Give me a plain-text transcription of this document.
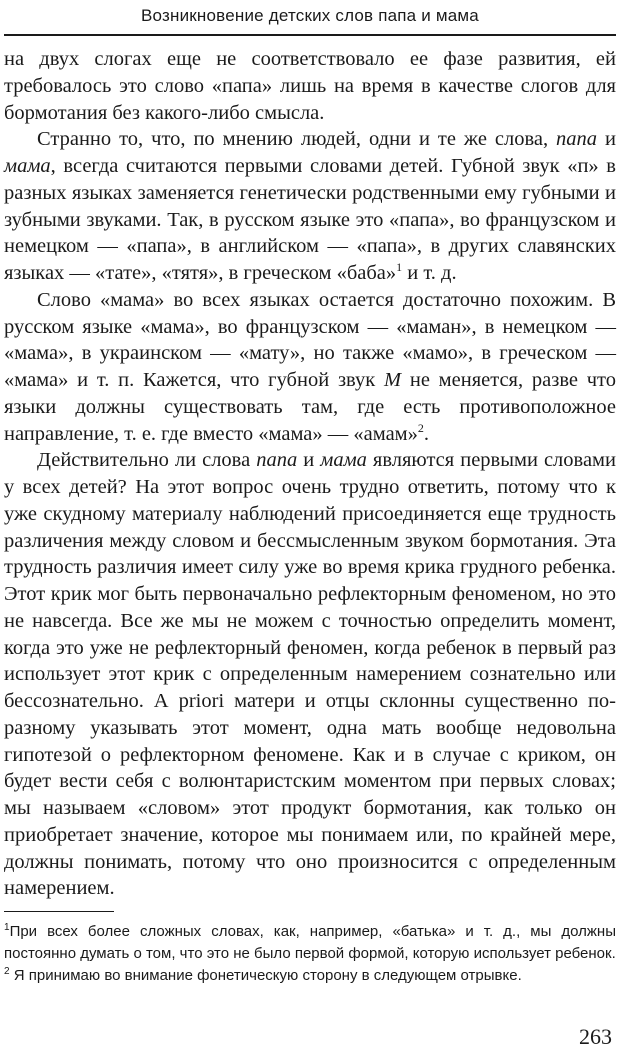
Возникновение детских слов папа и мама

на двух слогах еще не соответствовало ее фазе развития, ей требовалось это слово «папа» лишь на время в качестве слогов для бормотания без какого-либо смысла.

Странно то, что, по мнению людей, одни и те же слова, папа и мама, всегда считаются первыми словами детей. Губной звук «п» в разных языках заменяется генетически родственными ему губными и зубными звуками. Так, в русском языке это «папа», во французском и немецком — «папа», в английском — «папа», в других славянских языках — «тате», «тятя», в греческом «баба»$^1$ и т. д.

Слово «мама» во всех языках остается достаточно похожим. В русском языке «мама», во французском — «маман», в немецком — «мама», в украинском — «мату», но также «мамо», в греческом — «мама» и т. п. Кажется, что губной звук М не меняется, разве что языки должны существовать там, где есть противоположное направление, т. е. где вместо «мама» — «амам»$^2$.

Действительно ли слова папа и мама являются первыми словами у всех детей? На этот вопрос очень трудно ответить, потому что к уже скудному материалу наблюдений присоединяется еще трудность различения между словом и бессмысленным звуком бормотания. Эта трудность различия имеет силу уже во время крика грудного ребенка. Этот крик мог быть первоначально рефлекторным феноменом, но это не навсегда. Все же мы не можем с точностью определить момент, когда это уже не рефлекторный феномен, когда ребенок в первый раз использует этот крик с определенным намерением сознательно или бессознательно. А priori матери и отцы склонны существенно по-разному указывать этот момент, одна мать вообще недовольна гипотезой о рефлекторном феномене. Как и в случае с криком, он будет вести себя с волюнтаристским моментом при первых словах; мы называем «словом» этот продукт бормотания, как только он приобретает значение, которое мы понимаем или, по крайней мере, должны понимать, потому что оно произносится с определенным намерением.

$^1$При всех более сложных словах, как, например, «батька» и т. д., мы должны постоянно думать о том, что это не было первой формой, которую использует ребенок.

$^2$ Я принимаю во внимание фонетическую сторону в следующем отрывке.

263
